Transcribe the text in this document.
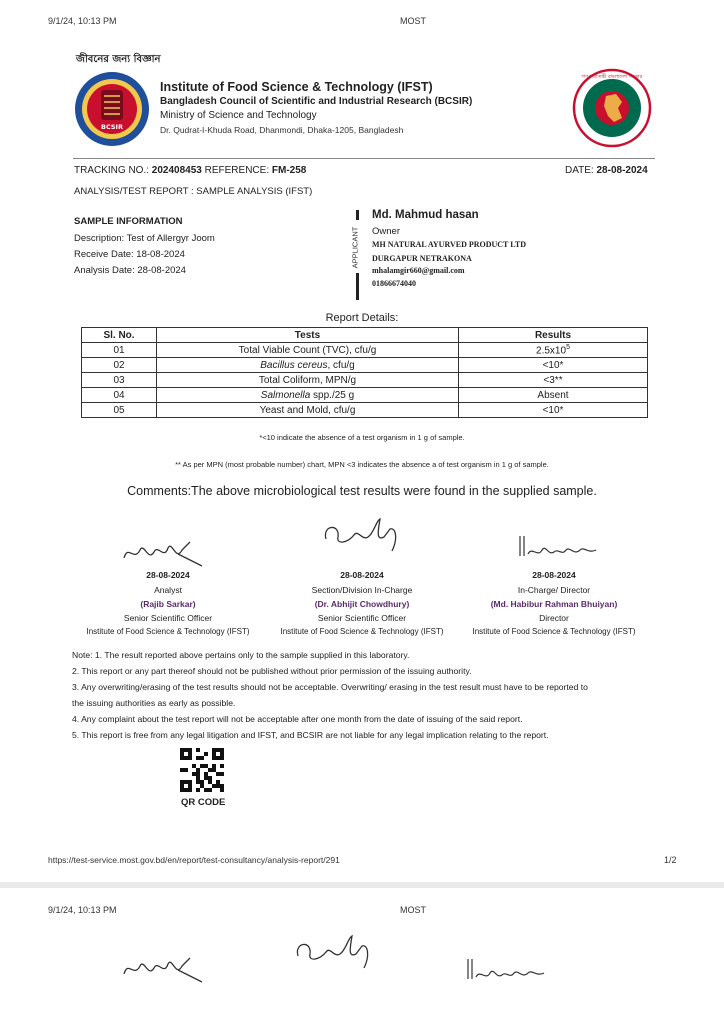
9/1/24, 10:13 PM	MOST
জীবনের জন্য বিজ্ঞান
BCSIR
Institute of Food Science & Technology (IFST)
Bangladesh Council of Scientific and Industrial Research (BCSIR)
Ministry of Science and Technology
Dr. Qudrat-I-Khuda Road, Dhanmondi, Dhaka-1205, Bangladesh
গণপ্রজাতন্ত্রী বাংলাদেশ সরকার
TRACKING NO.: 202408453 REFERENCE: FM-258	DATE: 28-08-2024
ANALYSIS/TEST REPORT : SAMPLE ANALYSIS (IFST)
SAMPLE INFORMATION
Description: Test of Allergyr Joom
Receive Date: 18-08-2024
Analysis Date: 28-08-2024
APPLICANT
Md. Mahmud hasan
Owner
MH NATURAL AYURVED PRODUCT LTD
DURGAPUR NETRAKONA
mhalamgir660@gmail.com
01866674040
Report Details:
Sl. No.	Tests	Results
01	Total Viable Count (TVC), cfu/g	$2.5x10^5$
02	Bacillus cereus, cfu/g	<10*
03	Total Coliform, MPN/g	<3**
04	Salmonella spp./25 g	Absent
05	Yeast and Mold, cfu/g	<10*
*<10 indicate the absence of a test organism in 1 g of sample.
** As per MPN (most probable number) chart, MPN <3 indicates the absence a of test organism in 1 g of sample.
Comments:The above microbiological test results were found in the supplied sample.
28-08-2024
Analyst
(Rajib Sarkar)
Senior Scientific Officer
Institute of Food Science & Technology (IFST)
28-08-2024
Section/Division In-Charge
(Dr. Abhijit Chowdhury)
Senior Scientific Officer
Institute of Food Science & Technology (IFST)
28-08-2024
In-Charge/ Director
(Md. Habibur Rahman Bhuiyan)
Director
Institute of Food Science & Technology (IFST)
Note: 1. The result reported above pertains only to the sample supplied in this laboratory.
2. This report or any part thereof should not be published without prior permission of the issuing authority.
3. Any overwriting/erasing of the test results should not be acceptable. Overwriting/ erasing in the test result must have to be reported to
the issuing authorities as early as possible.
4. Any complaint about the test report will not be acceptable after one month from the date of issuing of the said report.
5. This report is free from any legal litigation and IFST, and BCSIR are not liable for any legal implication relating to the report.
QR CODE
https://test-service.most.gov.bd/en/report/test-consultancy/analysis-report/291	1/2
9/1/24, 10:13 PM	MOST
